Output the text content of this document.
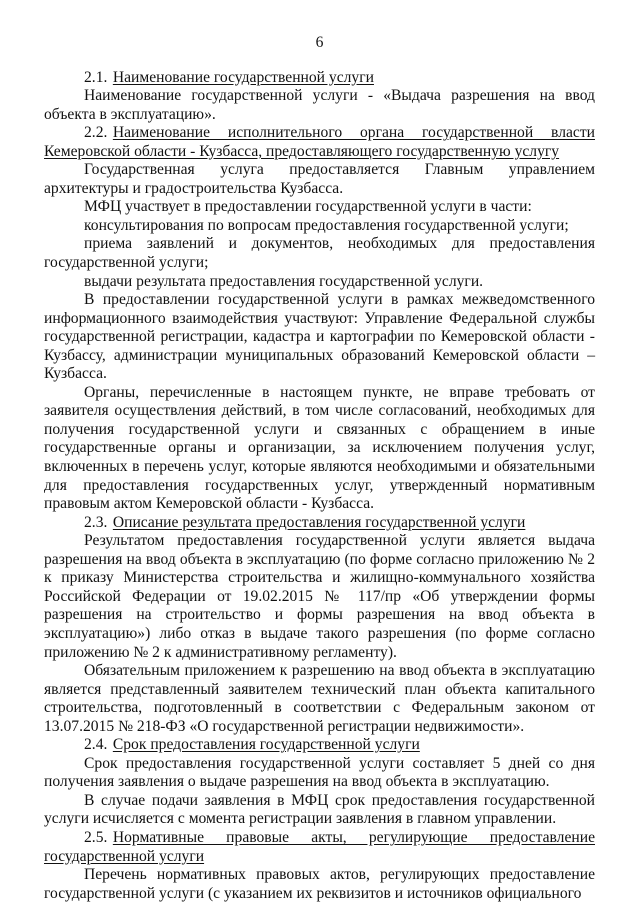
6

2.1. Наименование государственной услуги

Наименование государственной услуги - «Выдача разрешения на ввод объекта в эксплуатацию».

2.2. Наименование исполнительного органа государственной власти Кемеровской области - Кузбасса, предоставляющего государственную услугу

Государственная услуга предоставляется Главным управлением архитектуры и градостроительства Кузбасса.

МФЦ участвует в предоставлении государственной услуги в части:

консультирования по вопросам предоставления государственной услуги;

приема заявлений и документов, необходимых для предоставления государственной услуги;

выдачи результата предоставления государственной услуги.

В предоставлении государственной услуги в рамках межведомственного информационного взаимодействия участвуют: Управление Федеральной службы государственной регистрации, кадастра и картографии по Кемеровской области - Кузбассу, администрации муниципальных образований Кемеровской области – Кузбасса.

Органы, перечисленные в настоящем пункте, не вправе требовать от заявителя осуществления действий, в том числе согласований, необходимых для получения государственной услуги и связанных с обращением в иные государственные органы и организации, за исключением получения услуг, включенных в перечень услуг, которые являются необходимыми и обязательными для предоставления государственных услуг, утвержденный нормативным правовым актом Кемеровской области - Кузбасса.

2.3. Описание результата предоставления государственной услуги

Результатом предоставления государственной услуги является выдача разрешения на ввод объекта в эксплуатацию (по форме согласно приложению № 2 к приказу Министерства строительства и жилищно-коммунального хозяйства Российской Федерации от 19.02.2015 № 117/пр «Об утверждении формы разрешения на строительство и формы разрешения на ввод объекта в эксплуатацию») либо отказ в выдаче такого разрешения (по форме согласно приложению № 2 к административному регламенту).

Обязательным приложением к разрешению на ввод объекта в эксплуатацию является представленный заявителем технический план объекта капитального строительства, подготовленный в соответствии с Федеральным законом от 13.07.2015 № 218-ФЗ «О государственной регистрации недвижимости».

2.4. Срок предоставления государственной услуги

Срок предоставления государственной услуги составляет 5 дней со дня получения заявления о выдаче разрешения на ввод объекта в эксплуатацию.

В случае подачи заявления в МФЦ срок предоставления государственной услуги исчисляется с момента регистрации заявления в главном управлении.

2.5. Нормативные правовые акты, регулирующие предоставление государственной услуги

Перечень нормативных правовых актов, регулирующих предоставление государственной услуги (с указанием их реквизитов и источников официального
